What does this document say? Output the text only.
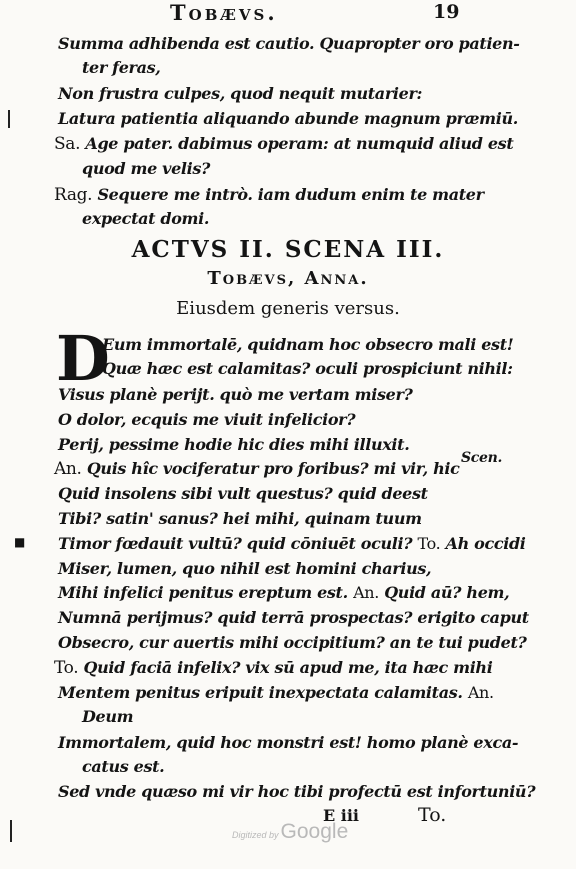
Tobævs.	19
Summa adhibenda est cautio. Quapropter oro patien-
ter feras,
Non frustra culpes, quod nequit mutarier:
Latura patientia aliquando abunde magnum præmiū.
Sa. Age pater. dabimus operam: at numquid aliud est
quod me velis?
Rag. Sequere me intrò. iam dudum enim te mater
expectat domi.
ACTVS II. SCENA III.
Tobævs, Anna.
Eiusdem generis versus.
D
Eum immortalē, quidnam hoc obsecro mali est!
Quæ hæc est calamitas? oculi prospiciunt nihil:
Visus planè perijt. quò me vertam miser?
O dolor, ecquis me viuit infelicior?
Perij, pessime hodie hic dies mihi illuxit.
An. Quis hîc vociferatur pro foribus? mi vir, hic
Quid insolens sibi vult questus? quid deest
Tibi? satin' sanus? hei mihi, quinam tuum
Timor fœdauit vultū? quid cōniuēt oculi? To. Ah occidi
Miser, lumen, quo nihil est homini charius,
Mihi infelici penitus ereptum est. An. Quid aū? hem,
Numnā perijmus? quid terrā prospectas? erigito caput
Obsecro, cur auertis mihi occipitium? an te tui pudet?
To. Quid faciā infelix? vix sū apud me, ita hæc mihi
Mentem penitus eripuit inexpectata calamitas. An.
Deum
Immortalem, quid hoc monstri est! homo planè exca-
catus est.
Sed vnde quæso mi vir hoc tibi profectū est infortuniū?
Scen.
■
E iii	To.
Digitized byGoogle
